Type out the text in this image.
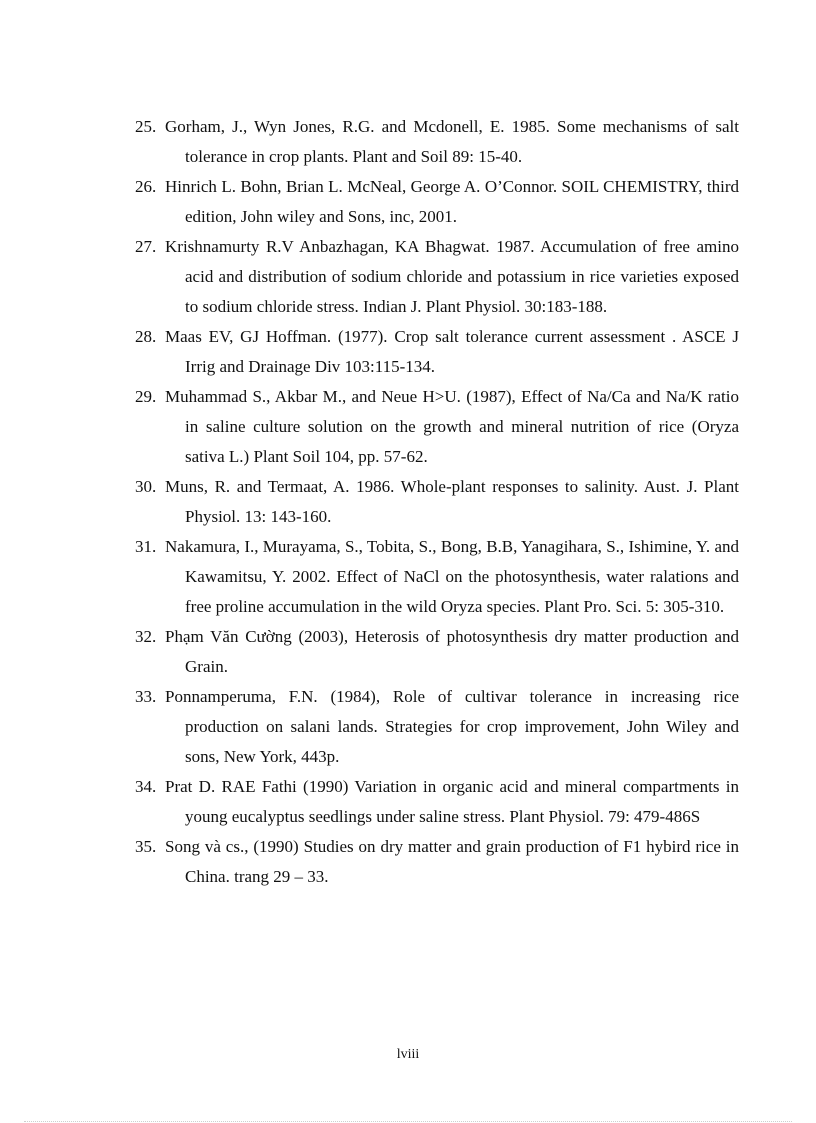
25. Gorham, J., Wyn Jones, R.G. and Mcdonell, E. 1985. Some mechanisms of salt tolerance in crop plants. Plant and Soil 89: 15-40.
26. Hinrich L. Bohn, Brian L. McNeal, George A. O’Connor. SOIL CHEMISTRY, third edition, John wiley and Sons, inc, 2001.
27. Krishnamurty R.V Anbazhagan, KA Bhagwat. 1987. Accumulation of free amino acid and distribution of sodium chloride and potassium in rice varieties exposed to sodium chloride stress. Indian J. Plant Physiol. 30:183-188.
28. Maas EV, GJ Hoffman. (1977). Crop salt tolerance current assessment . ASCE J Irrig and Drainage Div 103:115-134.
29. Muhammad S., Akbar M., and Neue H>U. (1987), Effect of Na/Ca and Na/K ratio in saline culture solution on the growth and mineral nutrition of rice (Oryza sativa L.) Plant Soil 104, pp. 57-62.
30. Muns, R. and Termaat, A. 1986. Whole-plant responses to salinity. Aust. J. Plant Physiol. 13: 143-160.
31. Nakamura, I., Murayama, S., Tobita, S., Bong, B.B, Yanagihara, S., Ishimine, Y. and Kawamitsu, Y. 2002. Effect of NaCl on the photosynthesis, water ralations and free proline accumulation in the wild Oryza species. Plant Pro. Sci. 5: 305-310.
32. Phạm Văn Cường (2003), Heterosis of photosynthesis dry matter production and Grain.
33. Ponnamperuma, F.N. (1984), Role of cultivar tolerance in increasing rice production on salani lands. Strategies for crop improvement, John Wiley and sons, New York, 443p.
34. Prat D. RAE Fathi (1990) Variation in organic acid and mineral compartments in young eucalyptus seedlings under saline stress. Plant Physiol. 79: 479-486S
35. Song và cs., (1990) Studies on dry matter and grain production of F1 hybird rice in China. trang 29 – 33.
lviii
